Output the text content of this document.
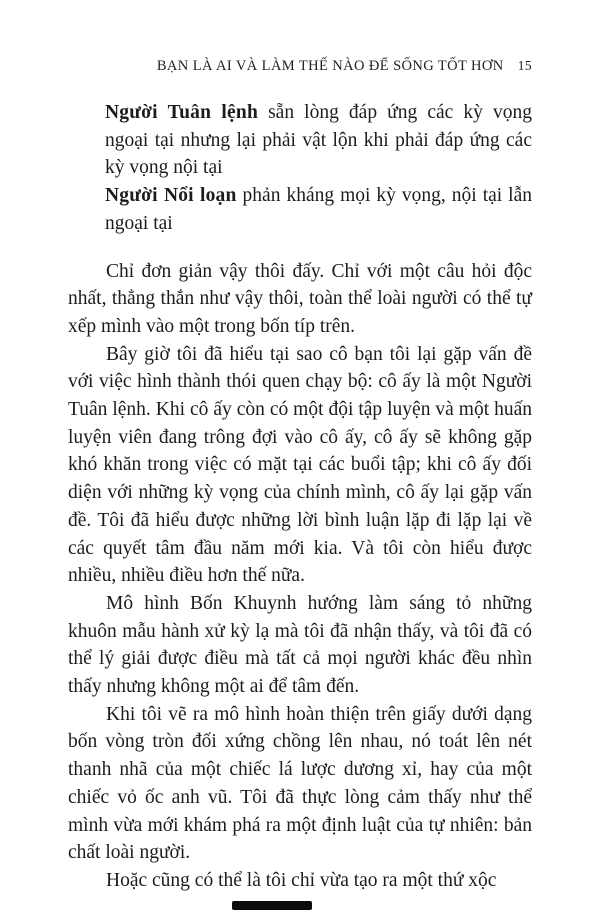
BẠN LÀ AI VÀ LÀM THẾ NÀO ĐỂ SỐNG TỐT HƠN 15

Người Tuân lệnh sẵn lòng đáp ứng các kỳ vọng ngoại tại nhưng lại phải vật lộn khi phải đáp ứng các kỳ vọng nội tại

Người Nổi loạn phản kháng mọi kỳ vọng, nội tại lẫn ngoại tại

Chỉ đơn giản vậy thôi đấy. Chỉ với một câu hỏi độc nhất, thẳng thắn như vậy thôi, toàn thể loài người có thể tự xếp mình vào một trong bốn típ trên.

Bây giờ tôi đã hiểu tại sao cô bạn tôi lại gặp vấn đề với việc hình thành thói quen chạy bộ: cô ấy là một Người Tuân lệnh. Khi cô ấy còn có một đội tập luyện và một huấn luyện viên đang trông đợi vào cô ấy, cô ấy sẽ không gặp khó khăn trong việc có mặt tại các buổi tập; khi cô ấy đối diện với những kỳ vọng của chính mình, cô ấy lại gặp vấn đề. Tôi đã hiểu được những lời bình luận lặp đi lặp lại về các quyết tâm đầu năm mới kia. Và tôi còn hiểu được nhiều, nhiều điều hơn thế nữa.

Mô hình Bốn Khuynh hướng làm sáng tỏ những khuôn mẫu hành xử kỳ lạ mà tôi đã nhận thấy, và tôi đã có thể lý giải được điều mà tất cả mọi người khác đều nhìn thấy nhưng không một ai để tâm đến.

Khi tôi vẽ ra mô hình hoàn thiện trên giấy dưới dạng bốn vòng tròn đối xứng chồng lên nhau, nó toát lên nét thanh nhã của một chiếc lá lược dương xỉ, hay của một chiếc vỏ ốc anh vũ. Tôi đã thực lòng cảm thấy như thể mình vừa mới khám phá ra một định luật của tự nhiên: bản chất loài người.

Hoặc cũng có thể là tôi chỉ vừa tạo ra một thứ xộc
